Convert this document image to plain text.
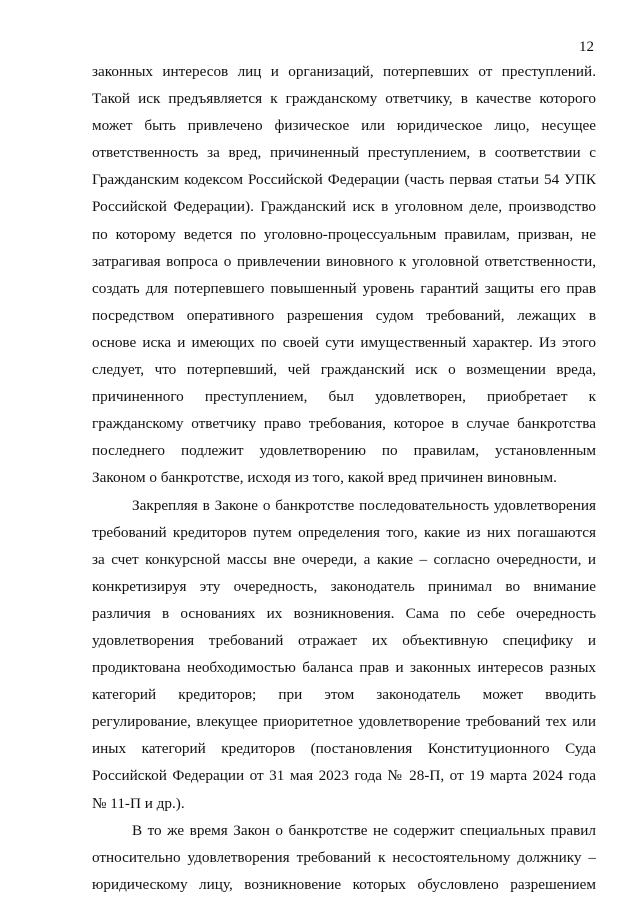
12
законных интересов лиц и организаций, потерпевших от преступлений.
Такой иск предъявляется к гражданскому ответчику, в качестве которого
может быть привлечено физическое или юридическое лицо, несущее
ответственность за вред, причиненный преступлением, в соответствии с
Гражданским кодексом Российской Федерации (часть первая статьи 54 УПК
Российской Федерации). Гражданский иск в уголовном деле, производство
по которому ведется по уголовно-процессуальным правилам, призван, не
затрагивая вопроса о привлечении виновного к уголовной ответственности,
создать для потерпевшего повышенный уровень гарантий защиты его прав
посредством оперативного разрешения судом требований, лежащих в
основе иска и имеющих по своей сути имущественный характер. Из этого
следует, что потерпевший, чей гражданский иск о возмещении вреда,
причиненного преступлением, был удовлетворен, приобретает к
гражданскому ответчику право требования, которое в случае банкротства
последнего подлежит удовлетворению по правилам, установленным
Законом о банкротстве, исходя из того, какой вред причинен виновным.
Закрепляя в Законе о банкротстве последовательность удовлетворения
требований кредиторов путем определения того, какие из них погашаются
за счет конкурсной массы вне очереди, а какие – согласно очередности, и
конкретизируя эту очередность, законодатель принимал во внимание
различия в основаниях их возникновения. Сама по себе очередность
удовлетворения требований отражает их объективную специфику и
продиктована необходимостью баланса прав и законных интересов разных
категорий кредиторов; при этом законодатель может вводить
регулирование, влекущее приоритетное удовлетворение требований тех или
иных категорий кредиторов (постановления Конституционного Суда
Российской Федерации от 31 мая 2023 года № 28-П, от 19 марта 2024 года
№ 11-П и др.).
В то же время Закон о банкротстве не содержит специальных правил
относительно удовлетворения требований к несостоятельному должнику –
юридическому лицу, возникновение которых обусловлено разрешением
